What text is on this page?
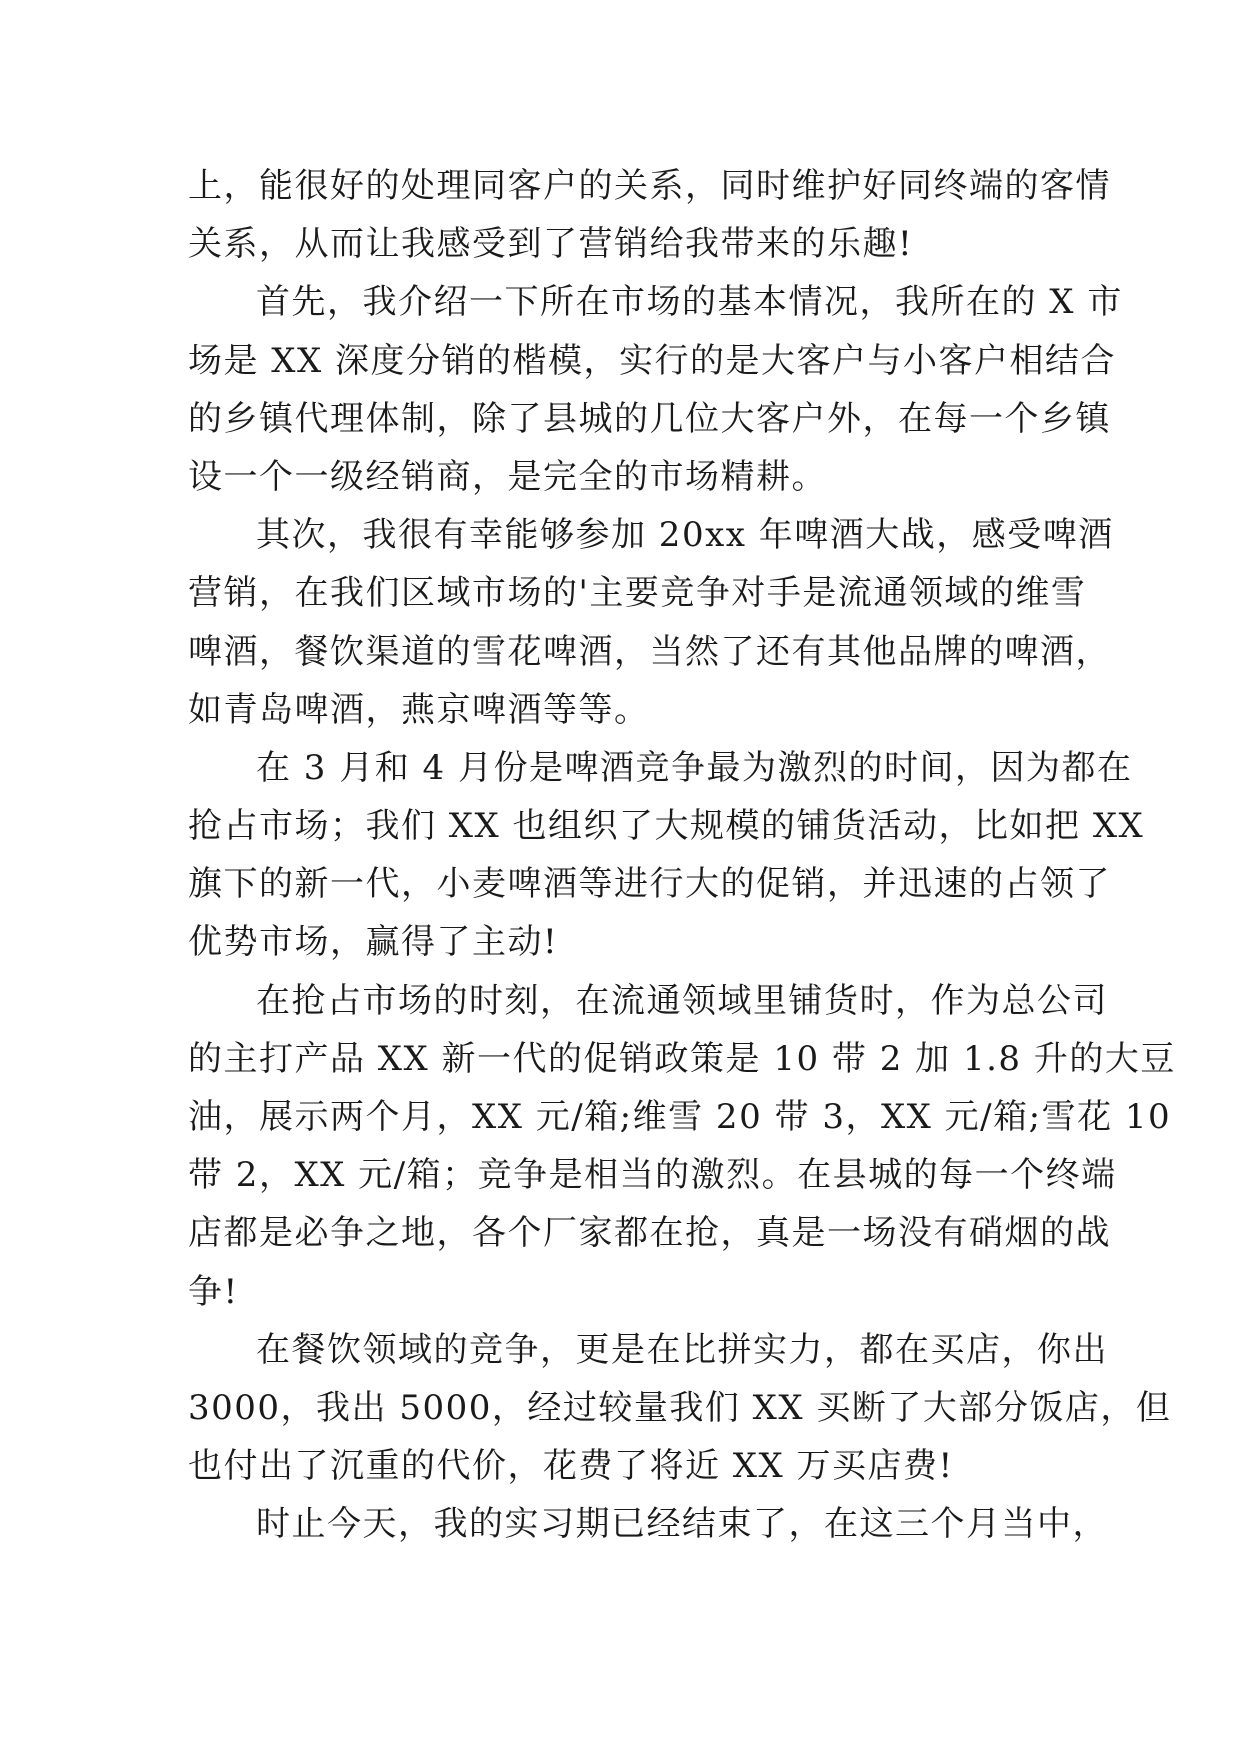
上，能很好的处理同客户的关系，同时维护好同终端的客情
关系，从而让我感受到了营销给我带来的乐趣!
首先，我介绍一下所在市场的基本情况，我所在的 X 市
场是 XX 深度分销的楷模，实行的是大客户与小客户相结合
的乡镇代理体制，除了县城的几位大客户外，在每一个乡镇
设一个一级经销商，是完全的市场精耕。
其次，我很有幸能够参加 20xx 年啤酒大战，感受啤酒
营销，在我们区域市场的'主要竞争对手是流通领域的维雪
啤酒，餐饮渠道的雪花啤酒，当然了还有其他品牌的啤酒，
如青岛啤酒，燕京啤酒等等。
在 3 月和 4 月份是啤酒竞争最为激烈的时间，因为都在
抢占市场；我们 XX 也组织了大规模的铺货活动，比如把 XX
旗下的新一代，小麦啤酒等进行大的促销，并迅速的占领了
优势市场，赢得了主动!
在抢占市场的时刻，在流通领域里铺货时，作为总公司
的主打产品 XX 新一代的促销政策是 10 带 2 加 1.8 升的大豆
油，展示两个月，XX 元/箱;维雪 20 带 3，XX 元/箱;雪花 10
带 2，XX 元/箱；竞争是相当的激烈。在县城的每一个终端
店都是必争之地，各个厂家都在抢，真是一场没有硝烟的战
争!
在餐饮领域的竞争，更是在比拼实力，都在买店，你出
3000，我出 5000，经过较量我们 XX 买断了大部分饭店，但
也付出了沉重的代价，花费了将近 XX 万买店费!
时止今天，我的实习期已经结束了，在这三个月当中，
